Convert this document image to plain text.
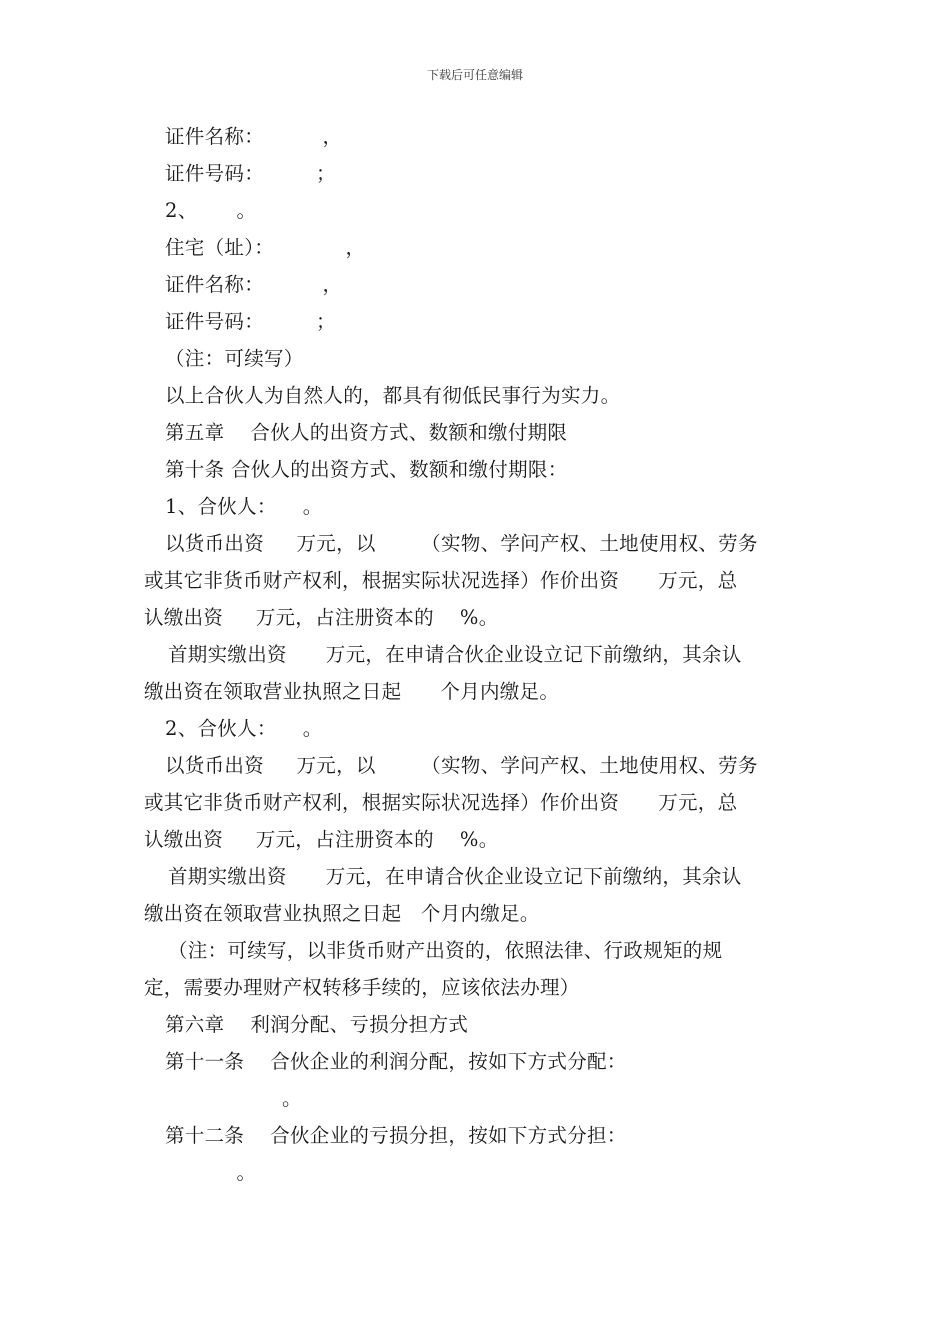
下载后可任意编辑

证件名称：         ，

证件号码：        ；

2、      。

住宅（址）：           ，

证件名称：         ，

证件号码：        ；

（注：可续写）

以上合伙人为自然人的，都具有彻低民事行为实力。

第五章    合伙人的出资方式、数额和缴付期限

第十条 合伙人的出资方式、数额和缴付期限：

1、合伙人：    。

以货币出资     万元，以       （实物、学问产权、土地使用权、劳务

或其它非货币财产权利，根据实际状况选择）作价出资      万元，总

认缴出资     万元，占注册资本的    %。

首期实缴出资      万元，在申请合伙企业设立记下前缴纳，其余认

缴出资在领取营业执照之日起      个月内缴足。

2、合伙人：    。

以货币出资     万元，以       （实物、学问产权、土地使用权、劳务

或其它非货币财产权利，根据实际状况选择）作价出资      万元，总

认缴出资     万元，占注册资本的    %。

首期实缴出资      万元，在申请合伙企业设立记下前缴纳，其余认

缴出资在领取营业执照之日起   个月内缴足。

（注：可续写，以非货币财产出资的，依照法律、行政规矩的规

定，需要办理财产权转移手续的，应该依法办理）

第六章    利润分配、亏损分担方式

第十一条    合伙企业的利润分配，按如下方式分配：

。

第十二条    合伙企业的亏损分担，按如下方式分担：

。
